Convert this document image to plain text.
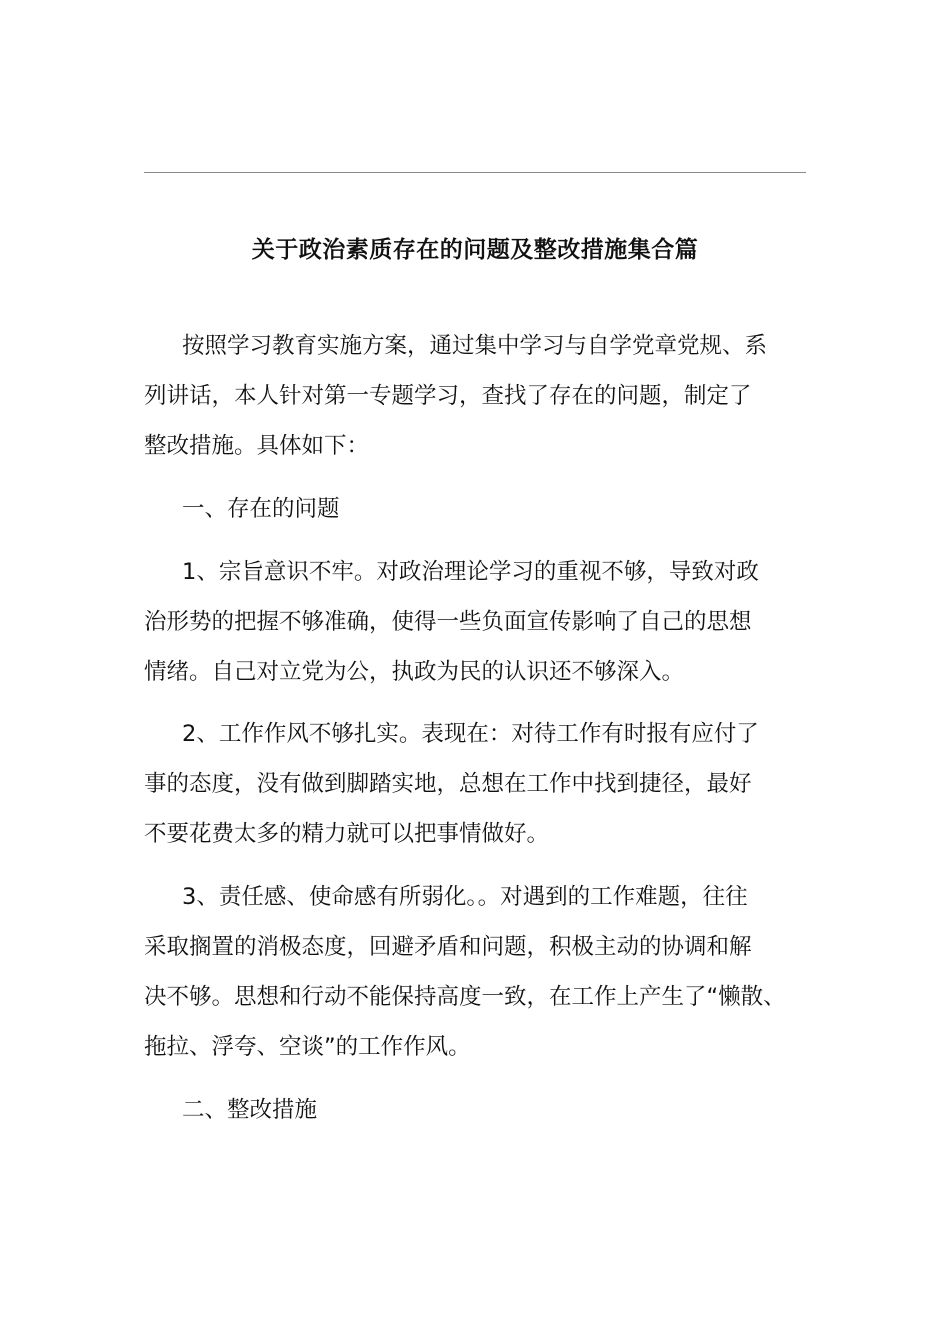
关于政治素质存在的问题及整改措施集合篇
按照学习教育实施方案，通过集中学习与自学党章党规、系
列讲话，本人针对第一专题学习，查找了存在的问题，制定了
整改措施。具体如下：
一、存在的问题
1、宗旨意识不牢。对政治理论学习的重视不够，导致对政
治形势的把握不够准确，使得一些负面宣传影响了自己的思想
情绪。自己对立党为公，执政为民的认识还不够深入。
2、工作作风不够扎实。表现在：对待工作有时报有应付了
事的态度，没有做到脚踏实地，总想在工作中找到捷径，最好
不要花费太多的精力就可以把事情做好。
3、责任感、使命感有所弱化。。对遇到的工作难题，往往
采取搁置的消极态度，回避矛盾和问题，积极主动的协调和解
决不够。思想和行动不能保持高度一致，在工作上产生了“懒散、
拖拉、浮夸、空谈”的工作作风。
二、整改措施
